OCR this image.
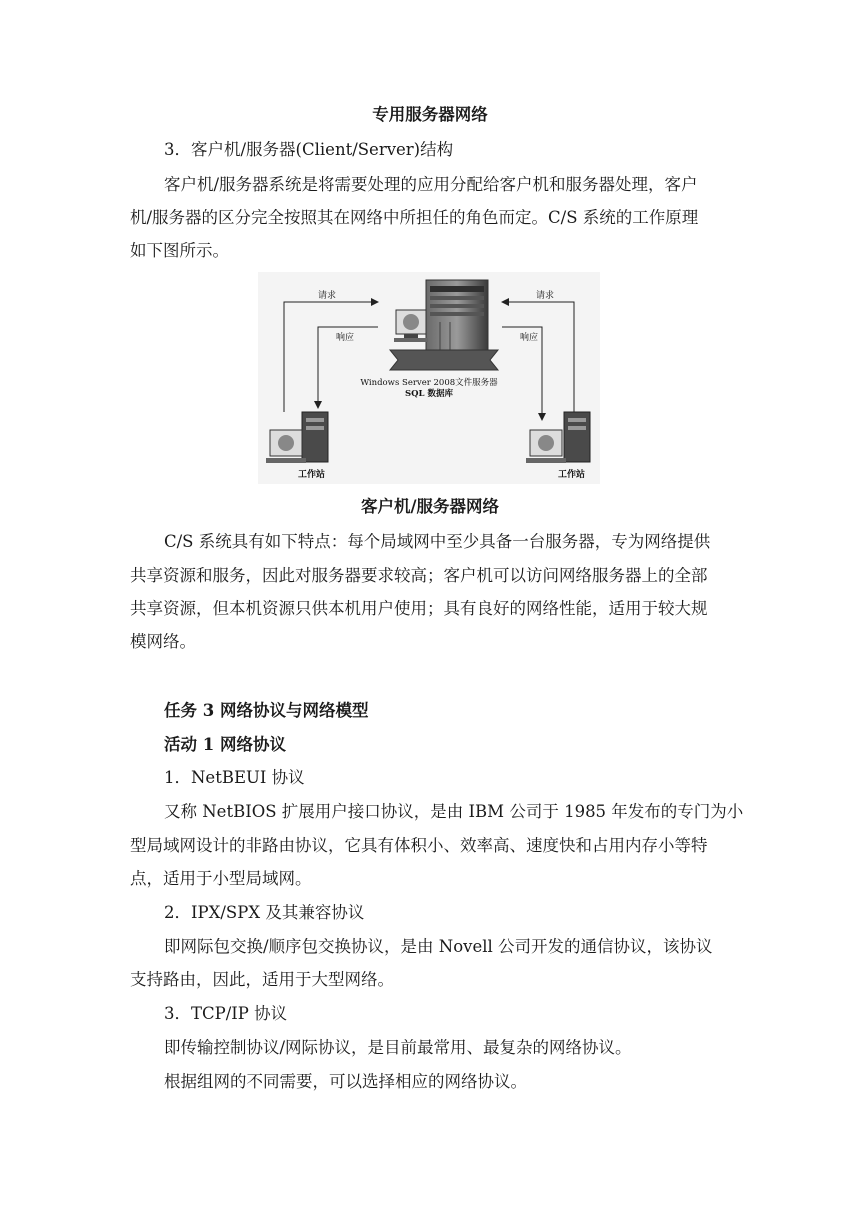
专用服务器网络
3．客户机/服务器(Client/Server)结构
客户机/服务器系统是将需要处理的应用分配给客户机和服务器处理，客户
机/服务器的区分完全按照其在网络中所担任的角色而定。C/S 系统的工作原理
如下图所示。
Windows Server 2008文件服务器
SQL 数据库
请求
响应
请求
响应
工作站	工作站
客户机/服务器网络
C/S 系统具有如下特点：每个局域网中至少具备一台服务器，专为网络提供
共享资源和服务，因此对服务器要求较高；客户机可以访问网络服务器上的全部
共享资源，但本机资源只供本机用户使用；具有良好的网络性能，适用于较大规
模网络。
任务 3 网络协议与网络模型
活动 1 网络协议
1．NetBEUI 协议
又称 NetBIOS 扩展用户接口协议，是由 IBM 公司于 1985 年发布的专门为小
型局域网设计的非路由协议，它具有体积小、效率高、速度快和占用内存小等特
点，适用于小型局域网。
2．IPX/SPX 及其兼容协议
即网际包交换/顺序包交换协议，是由 Novell 公司开发的通信协议，该协议
支持路由，因此，适用于大型网络。
3．TCP/IP 协议
即传输控制协议/网际协议，是目前最常用、最复杂的网络协议。
根据组网的不同需要，可以选择相应的网络协议。
